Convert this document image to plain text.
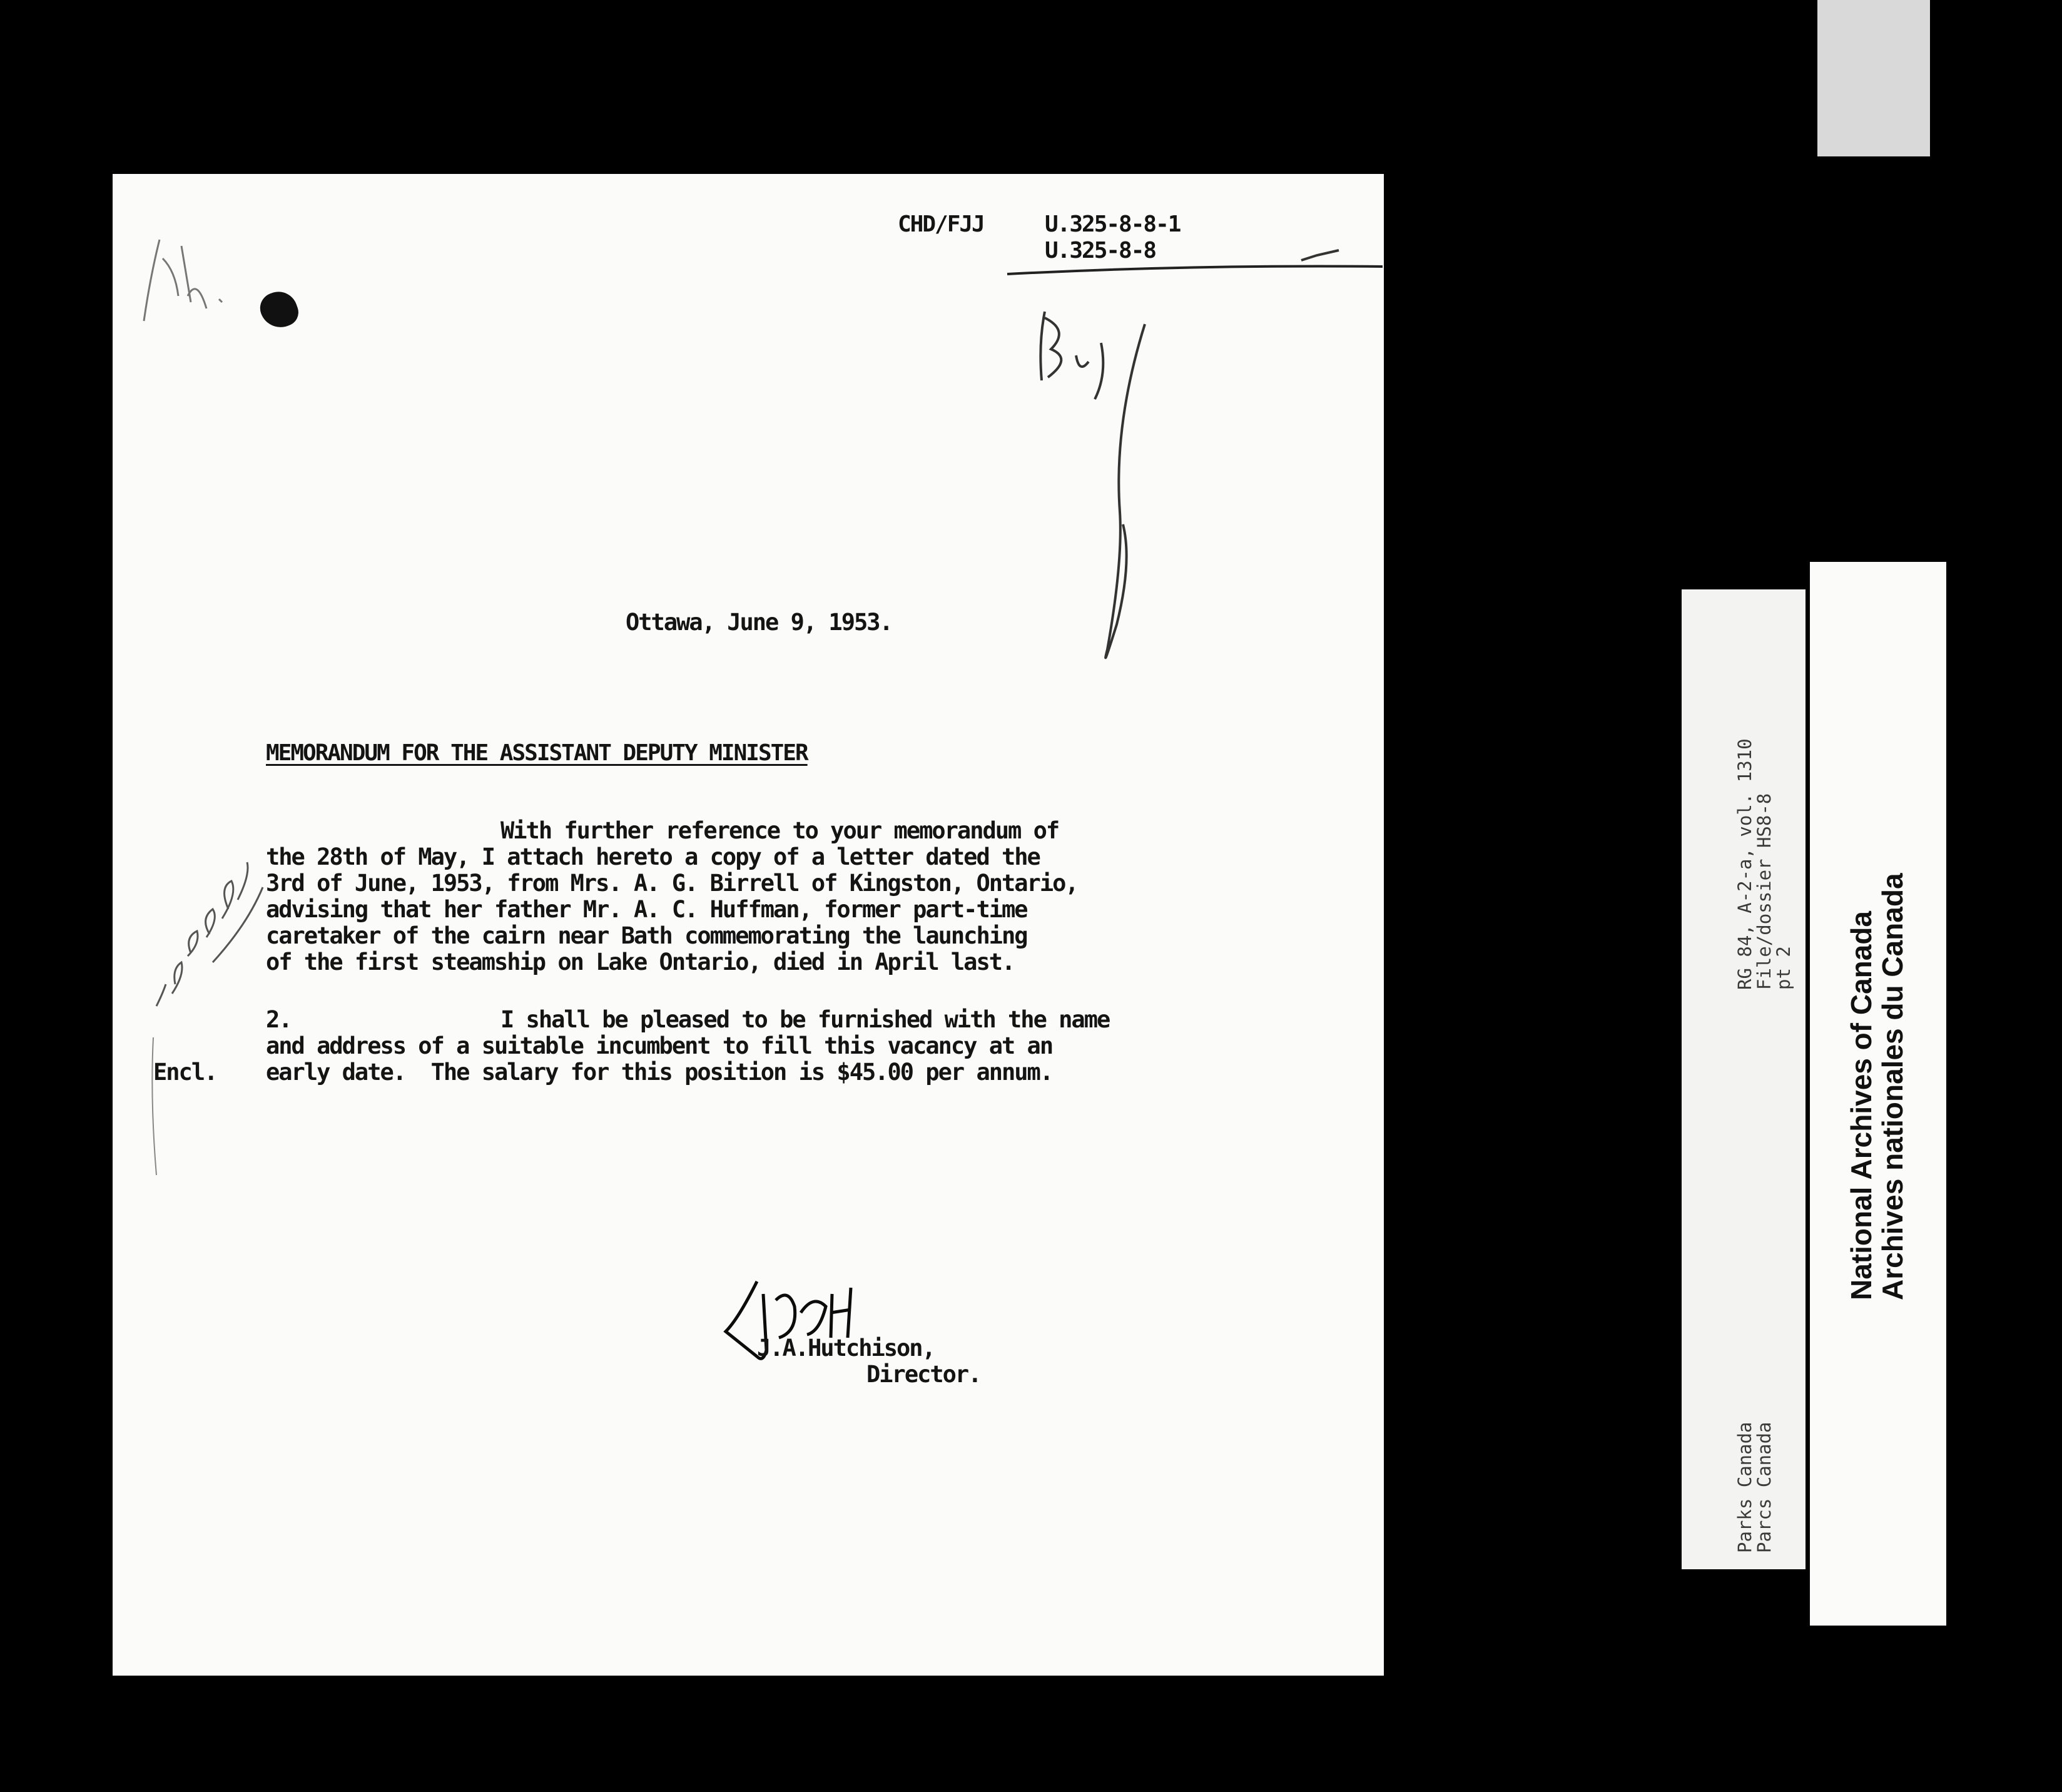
CHD/FJJ	U.325-8-8-1
U.325-8-8
Ottawa, June 9, 1953.
MEMORANDUM FOR THE ASSISTANT DEPUTY MINISTER
With further reference to your memorandum of
the 28th of May, I attach hereto a copy of a letter dated the
3rd of June, 1953, from Mrs. A. G. Birrell of Kingston, Ontario,
advising that her father Mr. A. C. Huffman, former part-time
caretaker of the cairn near Bath commemorating the launching
of the first steamship on Lake Ontario, died in April last.
2.	I shall be pleased to be furnished with the name
and address of a suitable incumbent to fill this vacancy at an
Encl. early date.  The salary for this position is $45.00 per annum.
J.A.Hutchison,
Director.
RG 84, A-2-a, vol. 1310
File/dossier HS8-8
pt 2
Parks Canada
Parcs Canada
National Archives of Canada
Archives nationales du Canada
